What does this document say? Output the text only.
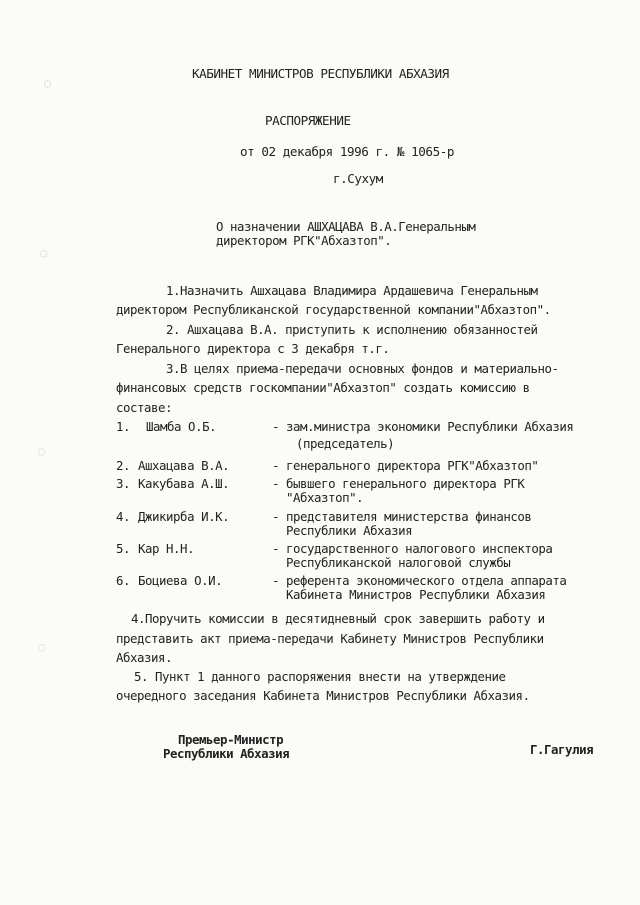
◌
◌
◌
◌
КАБИНЕТ МИНИСТРОВ РЕСПУБЛИКИ АБХАЗИЯ
РАСПОРЯЖЕНИЕ
от 02 декабря 1996 г. № 1065-р
г.Сухум
О назначении АШХАЦАВА В.А.Генеральным
директором РГК"Абхазтоп".
1.Назначить Ашхацава Владимира Ардашевича Генеральным
директором Республиканской государственной компании"Абхазтоп".
2. Ашхацава В.А. приступить к исполнению обязанностей
Генерального директора с 3 декабря т.г.
3.В целях приема-передачи основных фондов и материально-
финансовых средств госкомпании"Абхазтоп" создать комиссию в
составе:
1. Шамба О.Б.	- зам.министра экономики Республики Абхазия
(председатель)
2. Ашхацава В.А.	- генерального директора РГК"Абхазтоп"
3. Какубава А.Ш.	- бывшего генерального директора РГК
"Абхазтоп".
4. Джикирба И.К.	- представителя министерства финансов
Республики Абхазия
5. Кар Н.Н.	- государственного налогового инспектора
Республиканской налоговой службы
6. Боциева О.И.	- референта экономического отдела аппарата
Кабинета Министров Республики Абхазия
4.Поручить комиссии в десятидневный срок завершить работу и
представить акт приема-передачи Кабинету Министров Республики
Абхазия.
5. Пункт 1 данного распоряжения внести на утверждение
очередного заседания Кабинета Министров Республики Абхазия.
Премьер-Министр
Республики Абхазия	Г.Гагулия
